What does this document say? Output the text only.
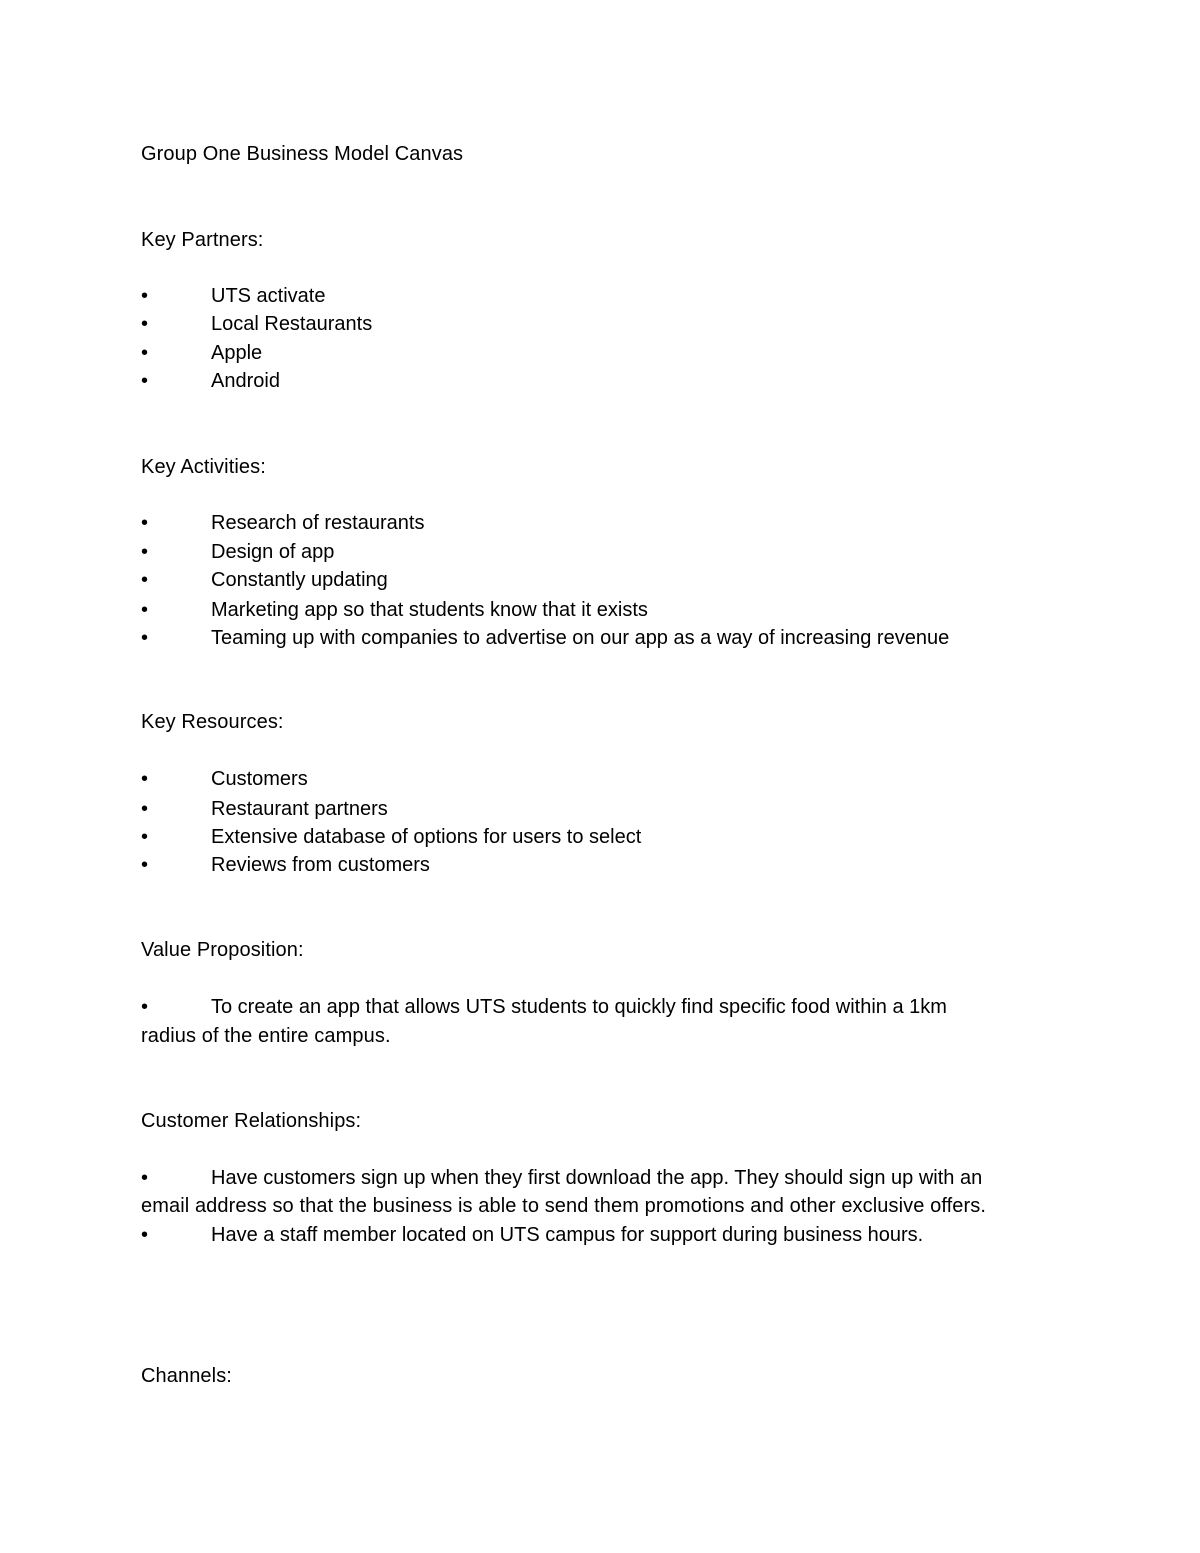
Group One Business Model Canvas
Key Partners:
•	UTS activate
•	Local Restaurants
•	Apple
•	Android
Key Activities:
•	Research of restaurants
•	Design of app
•	Constantly updating
•	Marketing app so that students know that it exists
•	Teaming up with companies to advertise on our app as a way of increasing revenue
Key Resources:
•	Customers
•	Restaurant partners
•	Extensive database of options for users to select
•	Reviews from customers
Value Proposition:
•	To create an app that allows UTS students to quickly find specific food within a 1km
radius of the entire campus.
Customer Relationships:
•	Have customers sign up when they first download the app. They should sign up with an
email address so that the business is able to send them promotions and other exclusive offers.
•	Have a staff member located on UTS campus for support during business hours.
Channels:
